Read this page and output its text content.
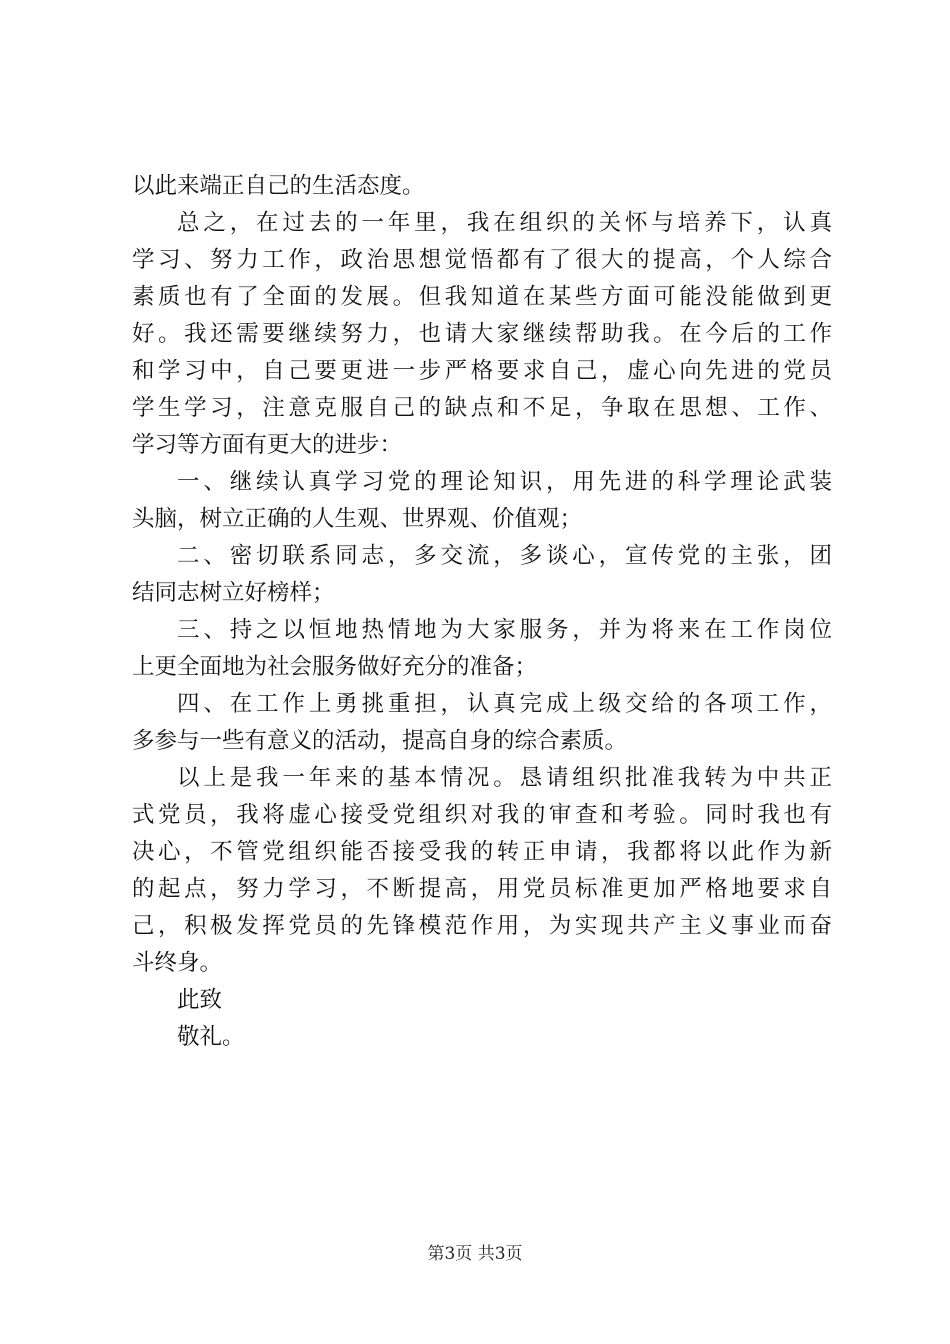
以此来端正自己的生活态度。
总之，在过去的一年里，我在组织的关怀与培养下，认真
学习、努力工作，政治思想觉悟都有了很大的提高，个人综合
素质也有了全面的发展。但我知道在某些方面可能没能做到更
好。我还需要继续努力，也请大家继续帮助我。在今后的工作
和学习中，自己要更进一步严格要求自己，虚心向先进的党员
学生学习，注意克服自己的缺点和不足，争取在思想、工作、
学习等方面有更大的进步：
一、继续认真学习党的理论知识，用先进的科学理论武装
头脑，树立正确的人生观、世界观、价值观；
二、密切联系同志，多交流，多谈心，宣传党的主张，团
结同志树立好榜样；
三、持之以恒地热情地为大家服务，并为将来在工作岗位
上更全面地为社会服务做好充分的准备；
四、在工作上勇挑重担，认真完成上级交给的各项工作，
多参与一些有意义的活动，提高自身的综合素质。
以上是我一年来的基本情况。恳请组织批准我转为中共正
式党员，我将虚心接受党组织对我的审查和考验。同时我也有
决心，不管党组织能否接受我的转正申请，我都将以此作为新
的起点，努力学习，不断提高，用党员标准更加严格地要求自
己，积极发挥党员的先锋模范作用，为实现共产主义事业而奋
斗终身。
此致
敬礼。
第3页 共3页
